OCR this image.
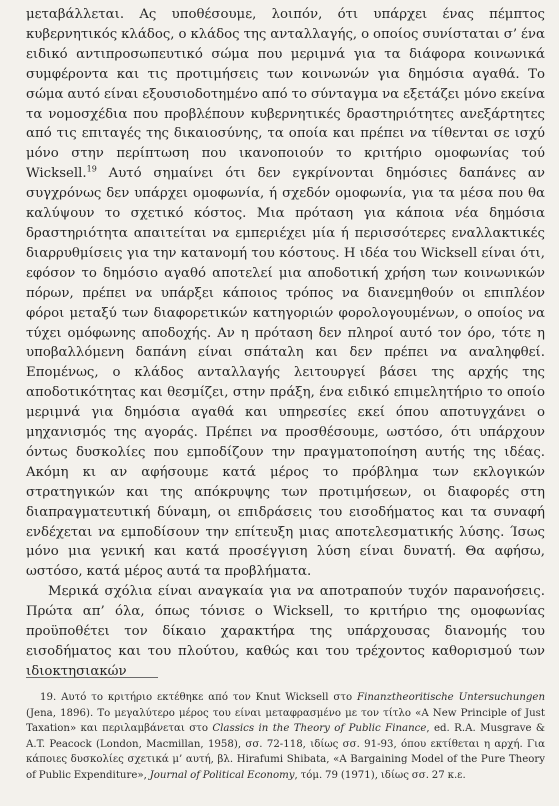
μεταβάλλεται. Ας υποθέσουμε, λοιπόν, ότι υπάρχει ένας πέμπτος κυβερνητικός κλάδος, ο κλάδος της ανταλλαγής, ο οποίος συνίσταται σ’ ένα ειδικό αντιπροσωπευτικό σώμα που μεριμνά για τα διάφορα κοινωνικά συμφέροντα και τις προτιμήσεις των κοινωνών για δημόσια αγαθά. Το σώμα αυτό είναι εξουσιοδοτημένο από το σύνταγμα να εξετάζει μόνο εκείνα τα νομοσχέδια που προβλέπουν κυβερνητικές δραστηριότητες ανεξάρτητες από τις επιταγές της δικαιοσύνης, τα οποία και πρέπει να τίθενται σε ισχύ μόνο στην περίπτωση που ικανοποιούν το κριτήριο ομοφωνίας τού Wicksell.$^{19}$ Αυτό σημαίνει ότι δεν εγκρίνονται δημόσιες δαπάνες αν συγχρόνως δεν υπάρχει ομοφωνία, ή σχεδόν ομοφωνία, για τα μέσα που θα καλύψουν το σχετικό κόστος. Μια πρόταση για κάποια νέα δημόσια δραστηριότητα απαιτείται να εμπεριέχει μία ή περισσότερες εναλλακτικές διαρρυθμίσεις για την κατανομή του κόστους. Η ιδέα του Wicksell είναι ότι, εφόσον το δημόσιο αγαθό αποτελεί μια αποδοτική χρήση των κοινωνικών πόρων, πρέπει να υπάρξει κάποιος τρόπος να διανεμηθούν οι επιπλέον φόροι μεταξύ των διαφορετικών κατηγοριών φορολογουμένων, ο οποίος να τύχει ομόφωνης αποδοχής. Αν η πρόταση δεν πληροί αυτό τον όρο, τότε η υποβαλλόμενη δαπάνη είναι σπάταλη και δεν πρέπει να αναληφθεί. Επομένως, ο κλάδος ανταλλαγής λειτουργεί βάσει της αρχής της αποδοτικότητας και θεσμίζει, στην πράξη, ένα ειδικό επιμελητήριο το οποίο μεριμνά για δημόσια αγαθά και υπηρεσίες εκεί όπου αποτυγχάνει ο μηχανισμός της αγοράς. Πρέπει να προσθέσουμε, ωστόσο, ότι υπάρχουν όντως δυσκολίες που εμποδίζουν την πραγματοποίηση αυτής της ιδέας. Ακόμη κι αν αφήσουμε κατά μέρος το πρόβλημα των εκλογικών στρατηγικών και της απόκρυψης των προτιμήσεων, οι διαφορές στη διαπραγματευτική δύναμη, οι επιδράσεις του εισοδήματος και τα συναφή ενδέχεται να εμποδίσουν την επίτευξη μιας αποτελεσματικής λύσης. Ίσως μόνο μια γενική και κατά προσέγγιση λύση είναι δυνατή. Θα αφήσω, ωστόσο, κατά μέρος αυτά τα προβλήματα.

Μερικά σχόλια είναι αναγκαία για να αποτραπούν τυχόν παρανοήσεις. Πρώτα απ’ όλα, όπως τόνισε ο Wicksell, το κριτήριο της ομοφωνίας προϋποθέτει τον δίκαιο χαρακτήρα της υπάρχουσας διανομής του εισοδήματος και του πλούτου, καθώς και του τρέχοντος καθορισμού των ιδιοκτησιακών

19. Αυτό το κριτήριο εκτέθηκε από τον Knut Wicksell στο Finanztheoritische Untersuchungen (Jena, 1896). Το μεγαλύτερο μέρος του είναι μεταφρασμένο με τον τίτλο «A New Principle of Just Taxation» και περιλαμβάνεται στο Classics in the Theory of Public Finance, ed. R.A. Musgrave & A.T. Peacock (London, Macmillan, 1958), σσ. 72-118, ιδίως σσ. 91-93, όπου εκτίθεται η αρχή. Για κάποιες δυσκολίες σχετικά μ’ αυτή, βλ. Hirafumi Shibata, «A Bargaining Model of the Pure Theory of Public Expenditure», Journal of Political Economy, τόμ. 79 (1971), ιδίως σσ. 27 κ.ε.
